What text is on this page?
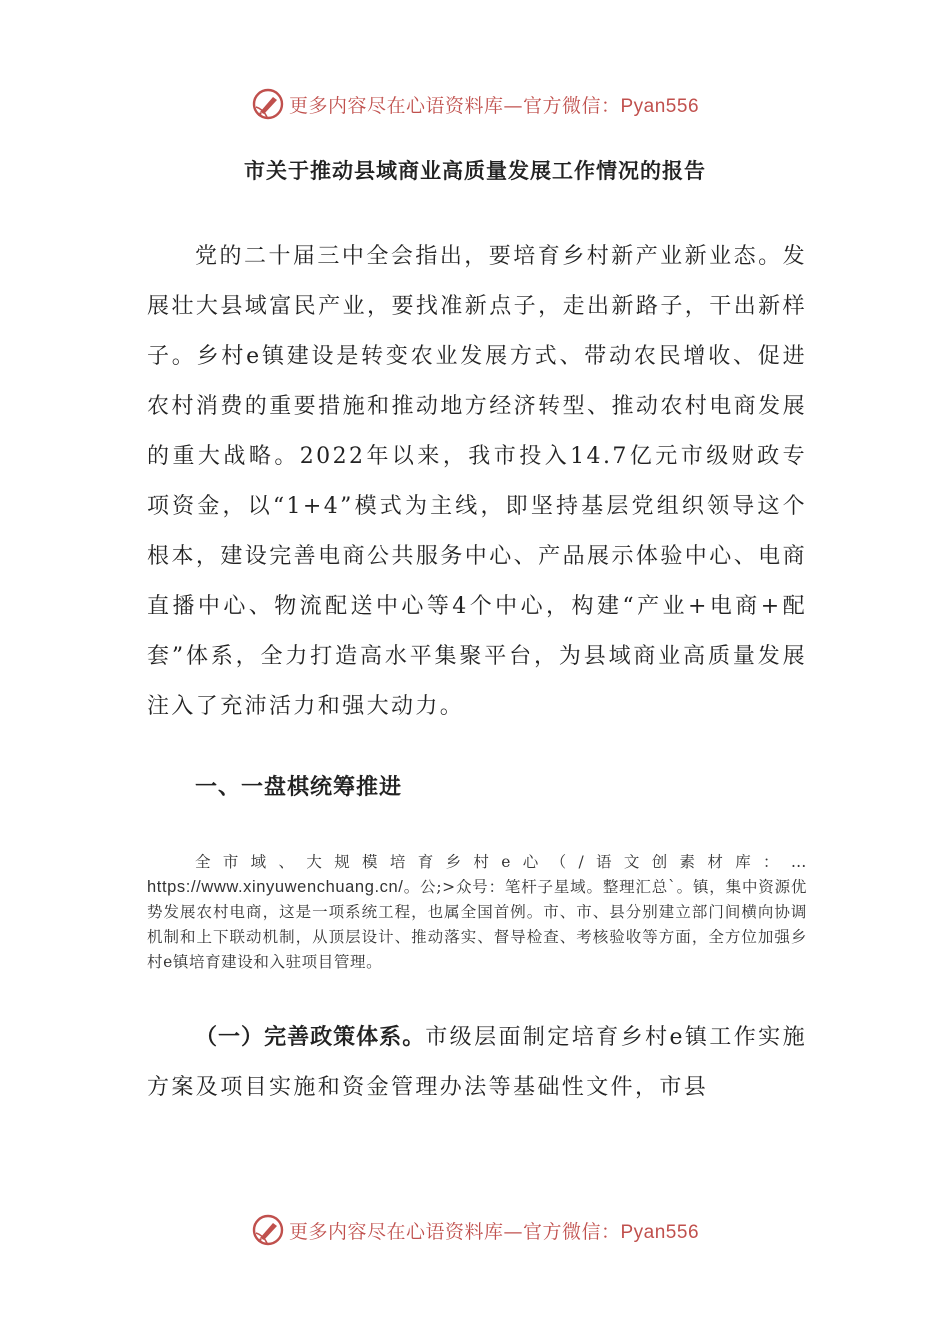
更多内容尽在心语资料库—官方微信：Pyan556
市关于推动县域商业高质量发展工作情况的报告

党的二十届三中全会指出，要培育乡村新产业新业态。发展壮大县域富民产业，要找准新点子，走出新路子，干出新样子。乡村e镇建设是转变农业发展方式、带动农民增收、促进农村消费的重要措施和推动地方经济转型、推动农村电商发展的重大战略。2022年以来，我市投入14.7亿元市级财政专项资金，以“1+4”模式为主线，即坚持基层党组织领导这个根本，建设完善电商公共服务中心、产品展示体验中心、电商直播中心、物流配送中心等4个中心，构建“产业+电商+配套”体系，全力打造高水平集聚平台，为县域商业高质量发展注入了充沛活力和强大动力。

一、一盘棋统筹推进

全市域、大规模培育乡村e心（/语文创素材库：…https://www.xinyuwenchuang.cn/。公;>众号：笔杆子星域。整理汇总`。镇，集中资源优势发展农村电商，这是一项系统工程，也属全国首例。市、市、县分别建立部门间横向协调机制和上下联动机制，从顶层设计、推动落实、督导检查、考核验收等方面，全方位加强乡村e镇培育建设和入驻项目管理。

（一）完善政策体系。市级层面制定培育乡村e镇工作实施方案及项目实施和资金管理办法等基础性文件，市县

更多内容尽在心语资料库—官方微信：Pyan556
